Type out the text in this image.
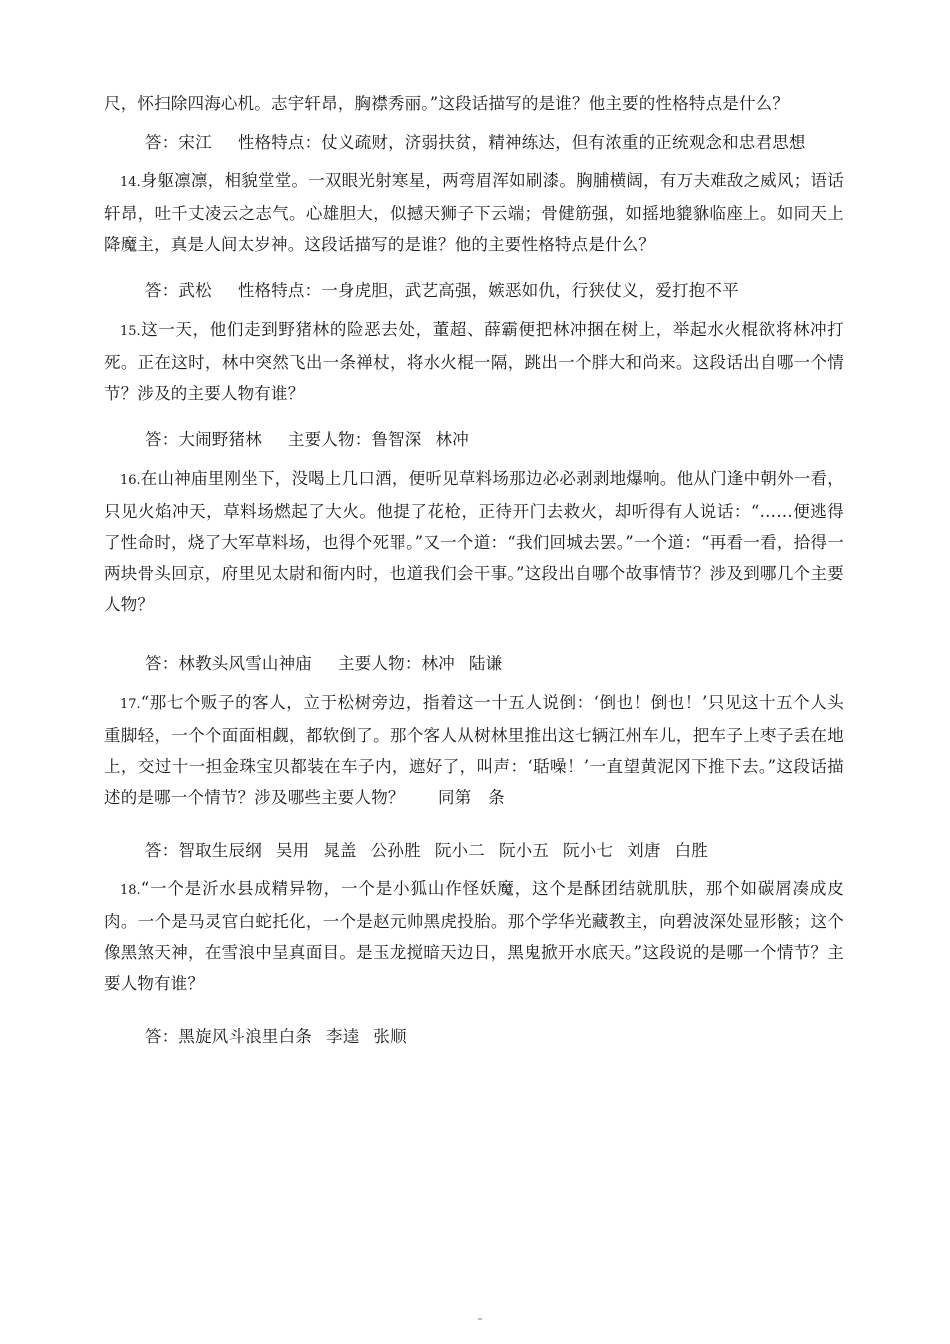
尺，怀扫除四海心机。志宇轩昂，胸襟秀丽。”这段话描写的是谁？他主要的性格特点是什么？

答：宋江 性格特点：仗义疏财，济弱扶贫，精神练达，但有浓重的正统观念和忠君思想

14.身躯凛凛，相貌堂堂。一双眼光射寒星，两弯眉浑如刷漆。胸脯横阔，有万夫难敌之威风；语话轩昂，吐千丈凌云之志气。心雄胆大，似撼天狮子下云端；骨健筋强，如摇地貔貅临座上。如同天上降魔主，真是人间太岁神。这段话描写的是谁？他的主要性格特点是什么？

答：武松 性格特点：一身虎胆，武艺高强，嫉恶如仇，行狭仗义，爱打抱不平

15.这一天，他们走到野猪林的险恶去处，董超、薛霸便把林冲捆在树上，举起水火棍欲将林冲打死。正在这时，林中突然飞出一条禅杖，将水火棍一隔，跳出一个胖大和尚来。这段话出自哪一个情节？涉及的主要人物有谁？

答：大闹野猪林 主要人物：鲁智深 林冲

16.在山神庙里刚坐下，没喝上几口酒，便听见草料场那边必必剥剥地爆响。他从门逢中朝外一看，只见火焰冲天，草料场燃起了大火。他提了花枪，正待开门去救火，却听得有人说话：“……便逃得了性命时，烧了大军草料场，也得个死罪。”又一个道：“我们回城去罢。”一个道：“再看一看，拾得一两块骨头回京，府里见太尉和衙内时，也道我们会干事。”这段出自哪个故事情节？涉及到哪几个主要人物？

答：林教头风雪山神庙 主要人物：林冲 陆谦

17.“那七个贩子的客人，立于松树旁边，指着这一十五人说倒：‘倒也！倒也！’只见这十五个人头重脚轻，一个个面面相觑，都软倒了。那个客人从树林里推出这七辆江州车儿，把车子上枣子丢在地上，交过十一担金珠宝贝都装在车子内，遮好了，叫声：‘聒噪！’一直望黄泥冈下推下去。”这段话描述的是哪一个情节？涉及哪些主要人物？　　同第　条

答：智取生辰纲 吴用 晁盖 公孙胜 阮小二 阮小五 阮小七 刘唐 白胜

18.“一个是沂水县成精异物，一个是小狐山作怪妖魔，这个是酥团结就肌肤，那个如碳屑凑成皮肉。一个是马灵官白蛇托化，一个是赵元帅黑虎投胎。那个学华光藏教主，向碧波深处显形骸；这个像黑煞天神，在雪浪中呈真面目。是玉龙搅暗天边日，黑鬼掀开水底天。”这段说的是哪一个情节？主要人物有谁？

答：黑旋风斗浪里白条 李逵 张顺
